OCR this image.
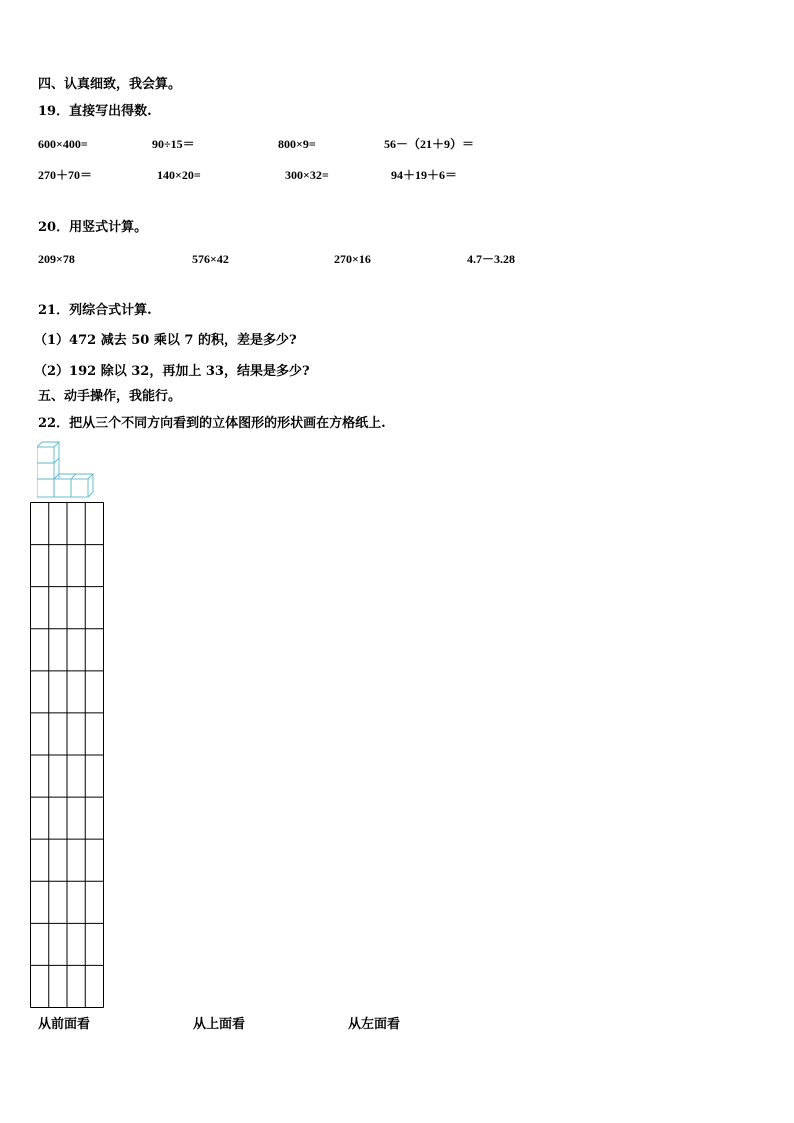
四、认真细致，我会算。
19．直接写出得数.
600×400=	90÷15＝	800×9=	56－（21＋9）＝
270＋70＝	140×20=	300×32=	94＋19＋6＝
20．用竖式计算。
209×78	576×42	270×16	4.7－3.28
21．列综合式计算.
（1）472 减去 50 乘以 7 的积，差是多少?
（2）192 除以 32，再加上 33，结果是多少?
五、动手操作，我能行。
22．把从三个不同方向看到的立体图形的形状画在方格纸上.
从前面看	从上面看	从左面看
